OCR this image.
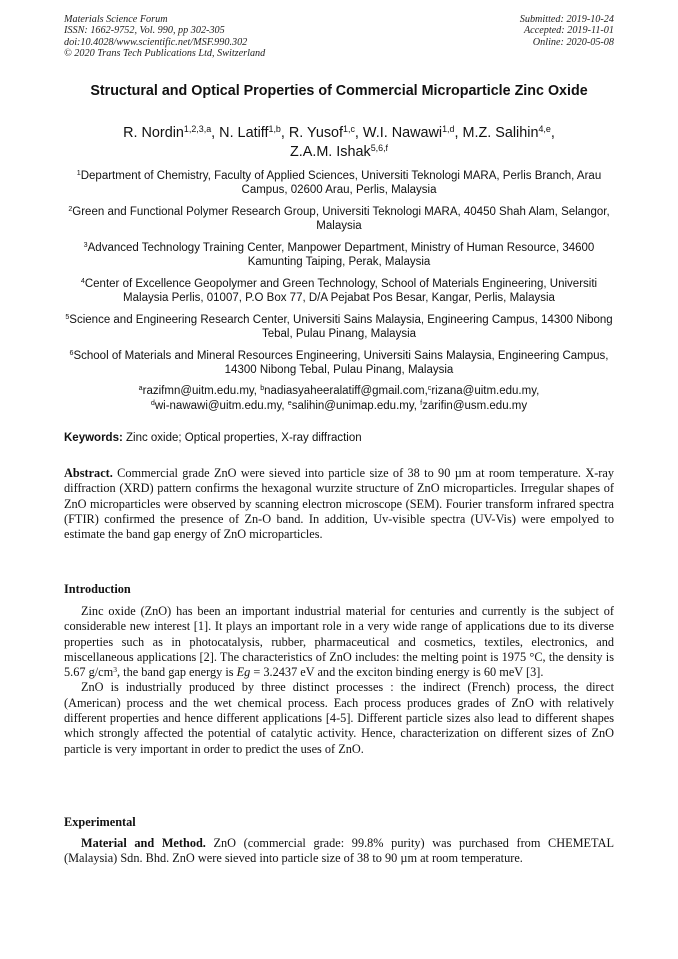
Materials Science Forum
ISSN: 1662-9752, Vol. 990, pp 302-305
doi:10.4028/www.scientific.net/MSF.990.302
© 2020 Trans Tech Publications Ltd, Switzerland
Submitted: 2019-10-24
Accepted: 2019-11-01
Online: 2020-05-08
Structural and Optical Properties of Commercial Microparticle Zinc Oxide
R. Nordin$^{1,2,3,a}$, N. Latiff$^{1,b}$, R. Yusof$^{1,c}$, W.I. Nawawi$^{1,d}$, M.Z. Salihin$^{4,e}$,
Z.A.M. Ishak$^{5,6,f}$
$^1$Department of Chemistry, Faculty of Applied Sciences, Universiti Teknologi MARA, Perlis Branch, Arau Campus, 02600 Arau, Perlis, Malaysia
$^2$Green and Functional Polymer Research Group, Universiti Teknologi MARA, 40450 Shah Alam, Selangor, Malaysia
$^3$Advanced Technology Training Center, Manpower Department, Ministry of Human Resource, 34600 Kamunting Taiping, Perak, Malaysia
$^4$Center of Excellence Geopolymer and Green Technology, School of Materials Engineering, Universiti Malaysia Perlis, 01007, P.O Box 77, D/A Pejabat Pos Besar, Kangar, Perlis, Malaysia
$^5$Science and Engineering Research Center, Universiti Sains Malaysia, Engineering Campus, 14300 Nibong Tebal, Pulau Pinang, Malaysia
$^6$School of Materials and Mineral Resources Engineering, Universiti Sains Malaysia, Engineering Campus, 14300 Nibong Tebal, Pulau Pinang, Malaysia
$^a$razifmn@uitm.edu.my, $^b$nadiasyaheeralatiff@gmail.com,$^c$rizana@uitm.edu.my,
$^d$wi-nawawi@uitm.edu.my, $^e$salihin@unimap.edu.my, $^f$zarifin@usm.edu.my
Keywords: Zinc oxide; Optical properties, X-ray diffraction
Abstract. Commercial grade ZnO were sieved into particle size of 38 to 90 µm at room temperature. X-ray diffraction (XRD) pattern confirms the hexagonal wurzite structure of ZnO microparticles. Irregular shapes of ZnO microparticles were observed by scanning electron microscope (SEM). Fourier transform infrared spectra (FTIR) confirmed the presence of Zn-O band. In addition, Uv-visible spectra (UV-Vis) were empolyed to estimate the band gap energy of ZnO microparticles.
Introduction

Zinc oxide (ZnO) has been an important industrial material for centuries and currently is the subject of considerable new interest [1]. It plays an important role in a very wide range of applications due to its diverse properties such as in photocatalysis, rubber, pharmaceutical and cosmetics, textiles, electronics, and miscellaneous applications [2]. The characteristics of ZnO includes: the melting point is 1975 °C, the density is 5.67 $g/cm^3$, the band gap energy is Eg = 3.2437 eV and the exciton binding energy is 60 meV [3].

ZnO is industrially produced by three distinct processes : the indirect (French) process, the direct (American) process and the wet chemical process. Each process produces grades of ZnO with relatively different properties and hence different applications [4-5]. Different particle sizes also lead to different shapes which strongly affected the potential of catalytic activity. Hence, characterization on different sizes of ZnO particle is very important in order to predict the uses of ZnO.

Experimental

Material and Method. ZnO (commercial grade: 99.8% purity) was purchased from CHEMETAL (Malaysia) Sdn. Bhd. ZnO were sieved into particle size of 38 to 90 µm at room temperature.
